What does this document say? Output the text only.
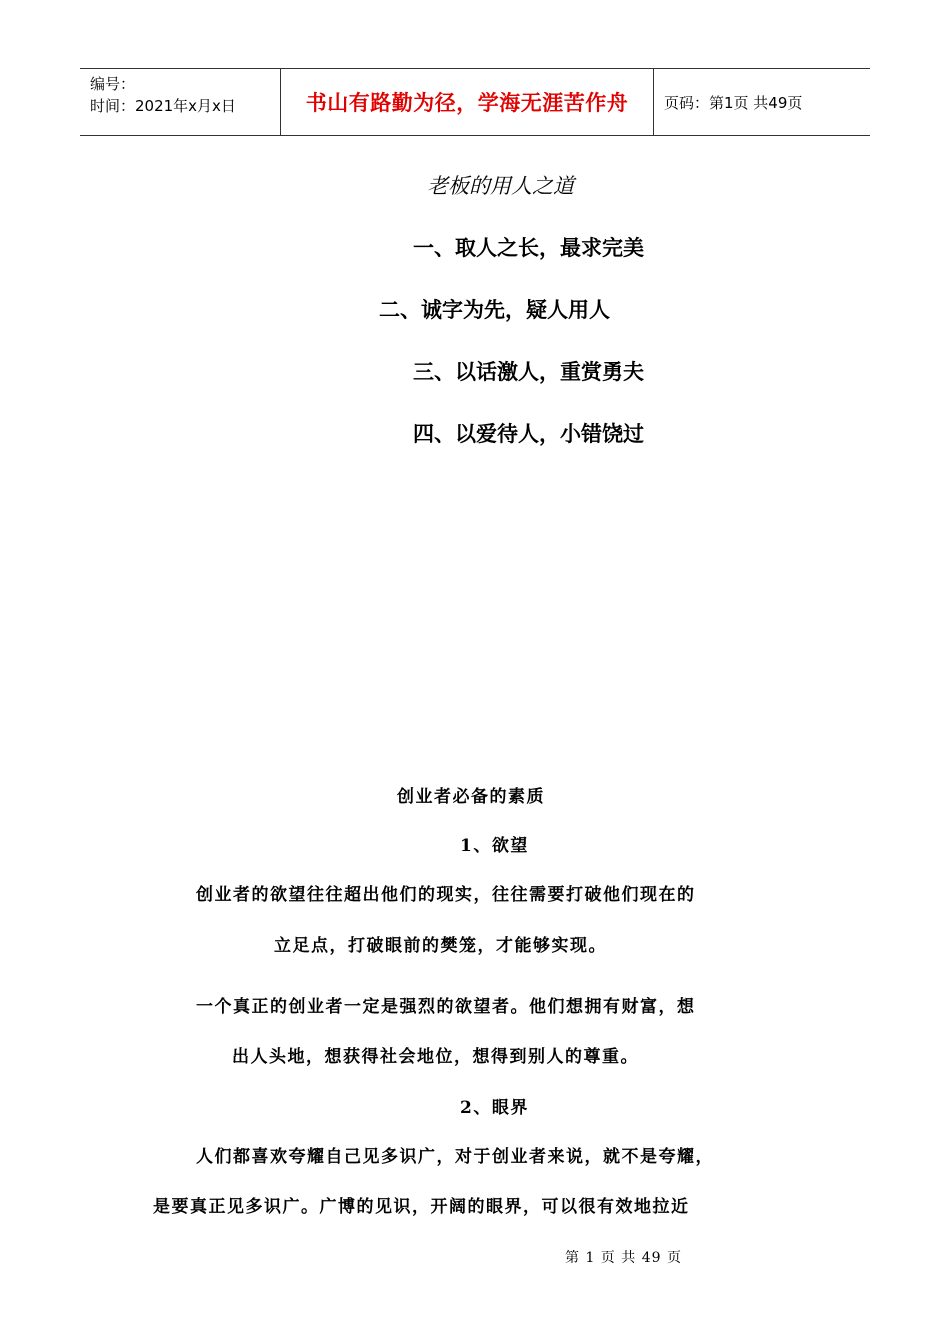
编号：
时间：2021年x月x日	书山有路勤为径，学海无涯苦作舟	页码：第1页 共49页
老板的用人之道
一、取人之长，最求完美
二、诚字为先，疑人用人
三、以话激人，重赏勇夫
四、以爱待人，小错饶过
创业者必备的素质
1、欲望
创业者的欲望往往超出他们的现实，往往需要打破他们现在的
立足点，打破眼前的樊笼，才能够实现。
一个真正的创业者一定是强烈的欲望者。他们想拥有财富，想
出人头地，想获得社会地位，想得到别人的尊重。
2、眼界
人们都喜欢夸耀自己见多识广，对于创业者来说，就不是夸耀，
是要真正见多识广。广博的见识，开阔的眼界，可以很有效地拉近
第 1 页 共 49 页
